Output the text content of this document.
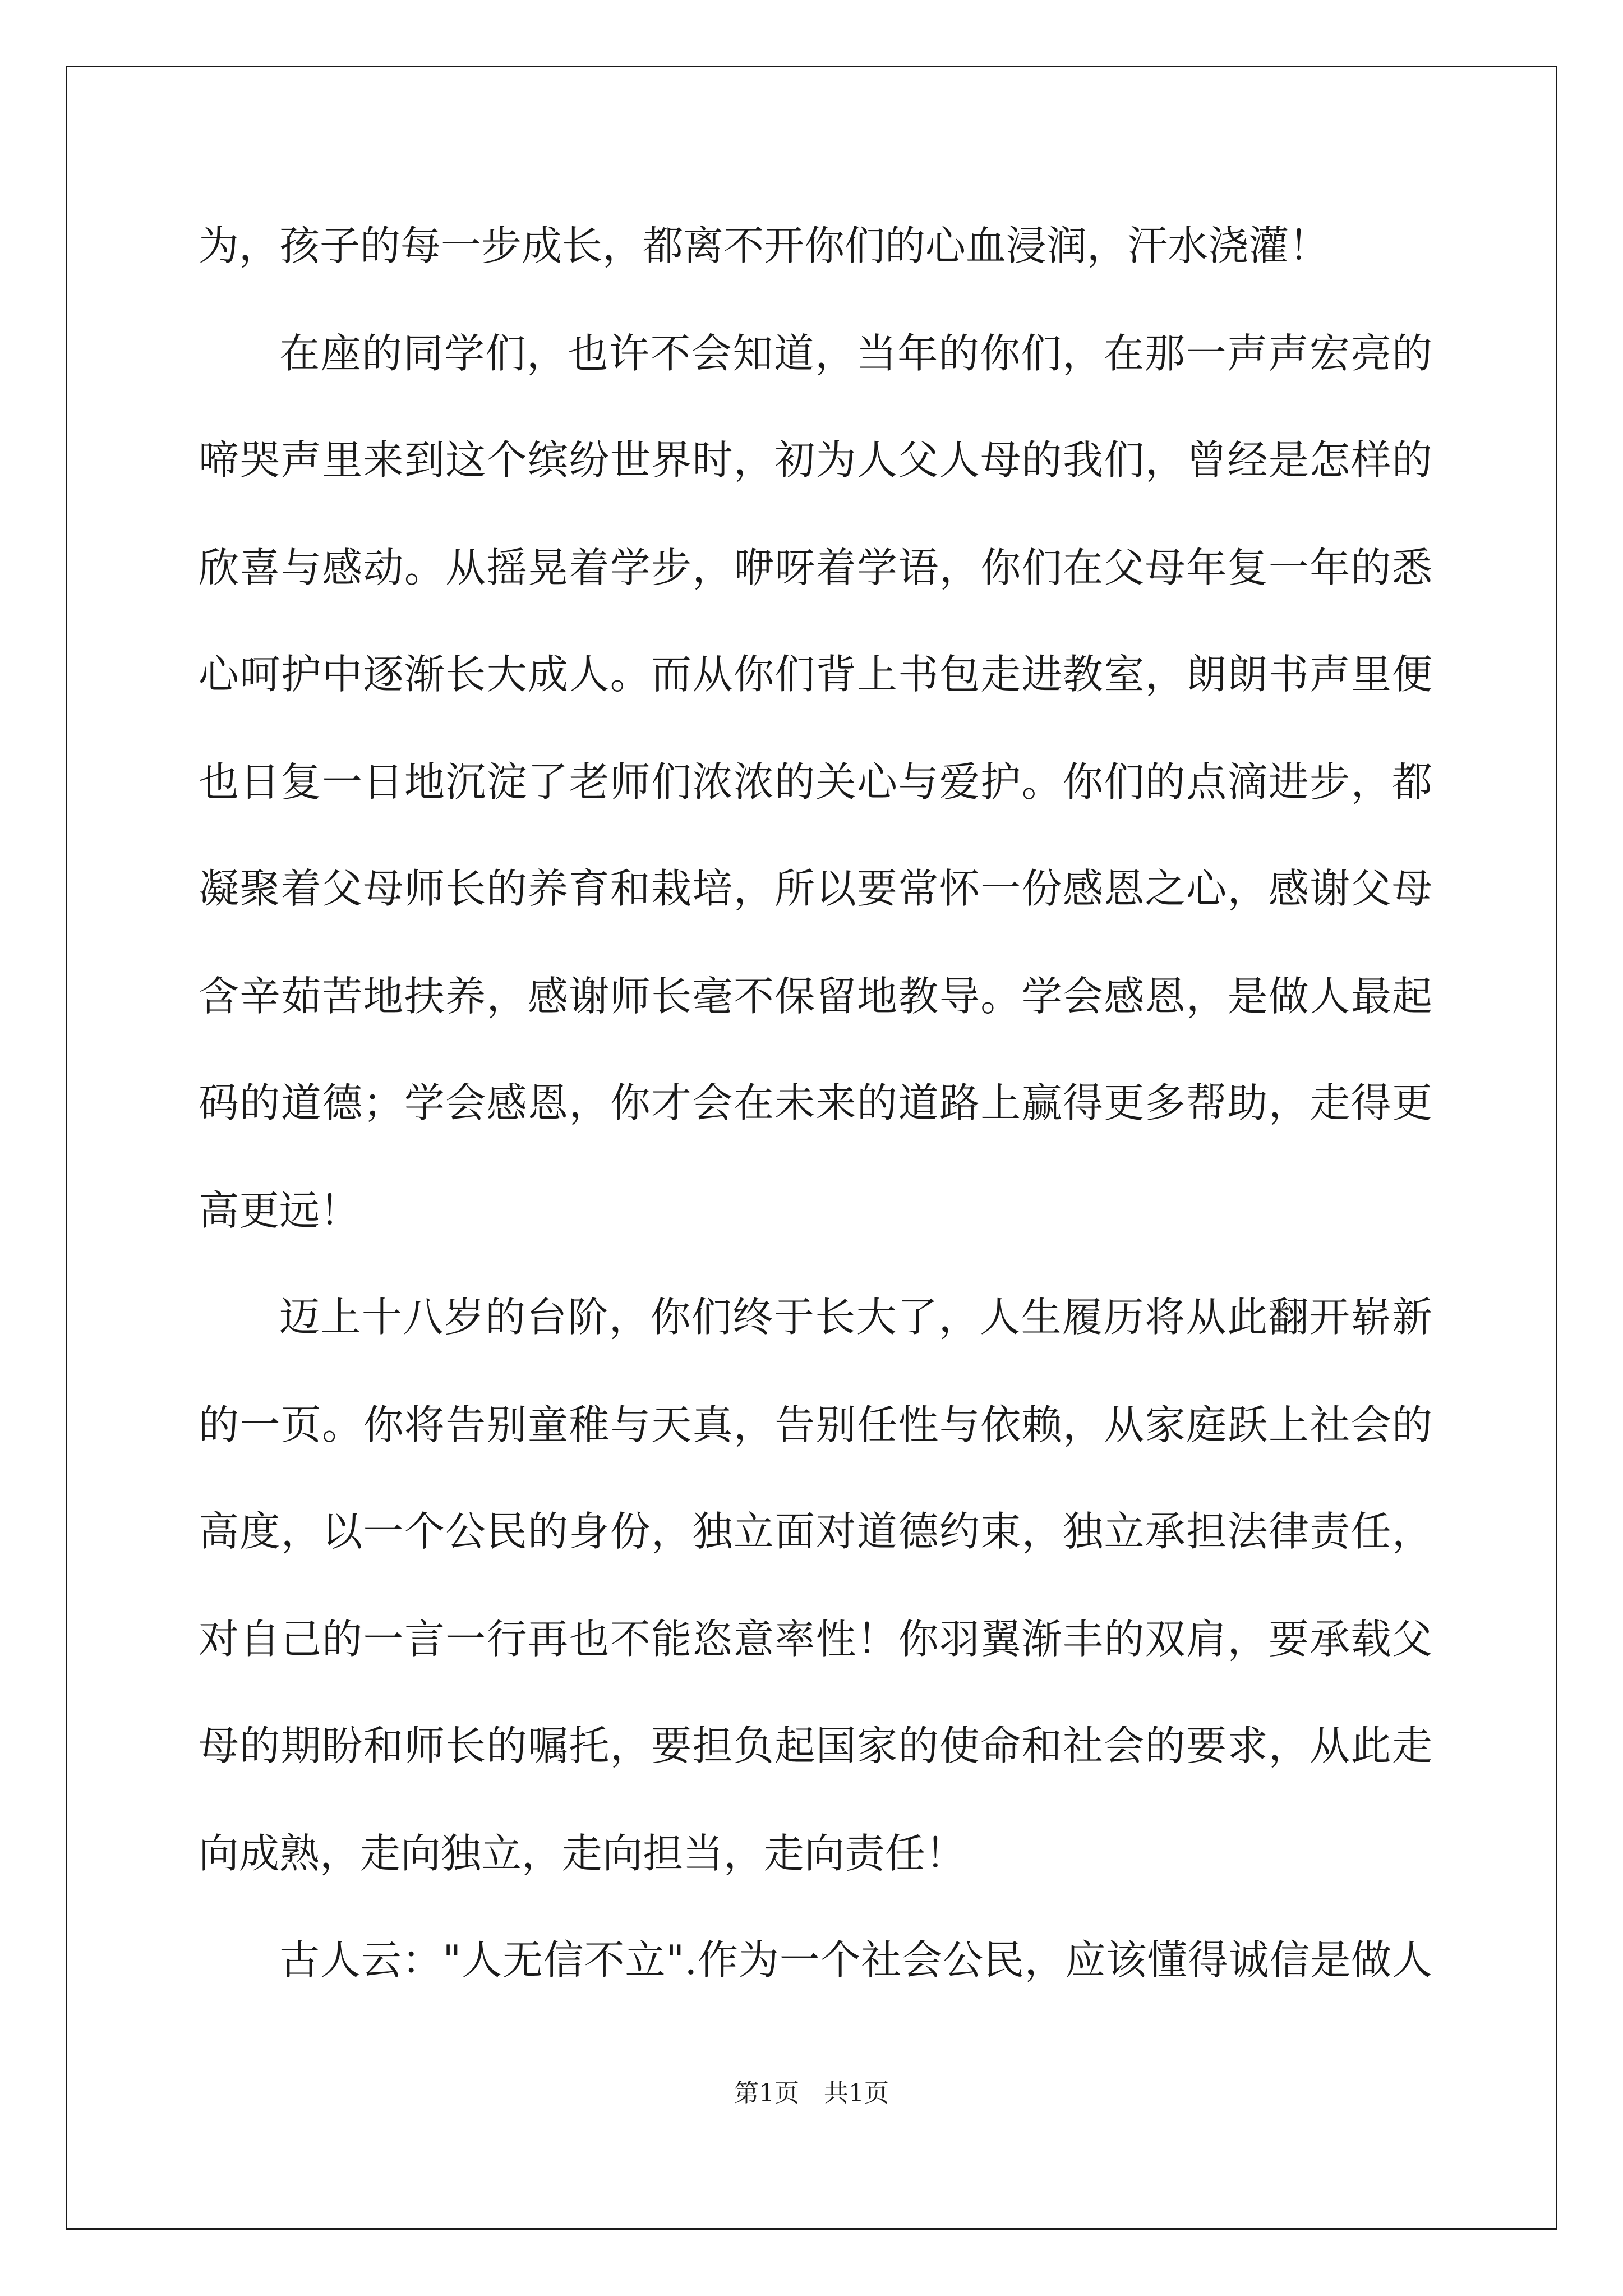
为，孩子的每一步成长，都离不开你们的心血浸润，汗水浇灌！

在座的同学们，也许不会知道，当年的你们，在那一声声宏亮的

啼哭声里来到这个缤纷世界时，初为人父人母的我们，曾经是怎样的

欣喜与感动。从摇晃着学步，咿呀着学语，你们在父母年复一年的悉

心呵护中逐渐长大成人。而从你们背上书包走进教室，朗朗书声里便

也日复一日地沉淀了老师们浓浓的关心与爱护。你们的点滴进步，都

凝聚着父母师长的养育和栽培，所以要常怀一份感恩之心，感谢父母

含辛茹苦地扶养，感谢师长毫不保留地教导。学会感恩，是做人最起

码的道德；学会感恩，你才会在未来的道路上赢得更多帮助，走得更

高更远！

迈上十八岁的台阶，你们终于长大了，人生履历将从此翻开崭新

的一页。你将告别童稚与天真，告别任性与依赖，从家庭跃上社会的

高度，以一个公民的身份，独立面对道德约束，独立承担法律责任，

对自己的一言一行再也不能恣意率性！你羽翼渐丰的双肩，要承载父

母的期盼和师长的嘱托，要担负起国家的使命和社会的要求，从此走

向成熟，走向独立，走向担当，走向责任！

古人云："人无信不立".作为一个社会公民，应该懂得诚信是做人

第1页　共1页
